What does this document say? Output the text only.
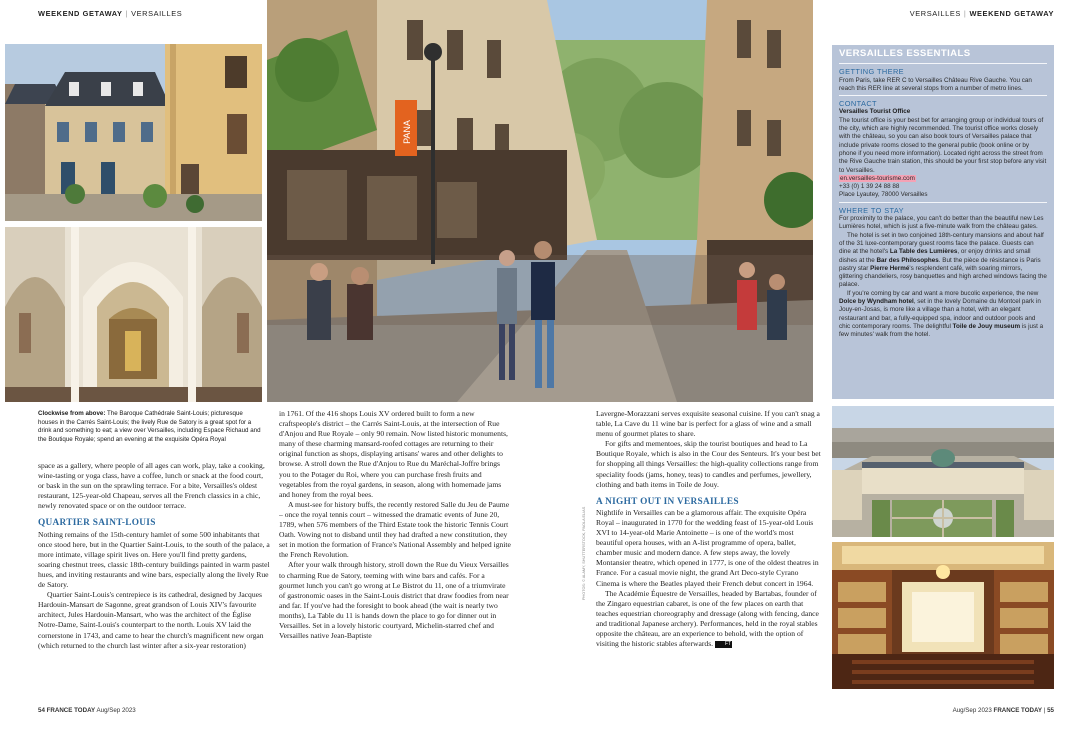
WEEKEND GETAWAY | VERSAILLES	VERSAILLES | WEEKEND GETAWAY
PANA
Clockwise from above: The Baroque Cathédrale Saint-Louis; picturesque houses in the Carrés Saint-Louis; the lively Rue de Satory is a great spot for a drink and something to eat; a view over Versailles, including Espace Richaud and the Boutique Royale; spend an evening at the exquisite Opéra Royal

space as a gallery, where people of all ages can work, play, take a cooking, wine-tasting or yoga class, have a coffee, lunch or snack at the food court, or bask in the sun on the sprawling terrace. For a bite, Versailles's oldest restaurant, 125-year-old Chapeau, serves all the French classics in a chic, newly renovated space or on the outdoor terrace.

QUARTIER SAINT-LOUIS

Nothing remains of the 15th-century hamlet of some 500 inhabitants that once stood here, but in the Quartier Saint-Louis, to the south of the palace, a more intimate, village spirit lives on. Here you'll find pretty gardens, soaring chestnut trees, classic 18th-century buildings painted in warm pastel hues, and inviting restaurants and wine bars, especially along the lively Rue de Satory.

Quartier Saint-Louis's centrepiece is its cathedral, designed by Jacques Hardouin-Mansart de Sagonne, great grandson of Louis XIV's favourite architect, Jules Hardouin-Mansart, who was the architect of the Église Notre-Dame, Saint-Louis's counterpart to the north. Louis XV laid the cornerstone in 1743, and came to hear the church's magnificent new organ (which returned to the church last winter after a six-year restoration)

in 1761. Of the 416 shops Louis XV ordered built to form a new craftspeople's district – the Carrés Saint-Louis, at the intersection of Rue d'Anjou and Rue Royale – only 90 remain. Now listed historic monuments, many of these charming mansard-roofed cottages are returning to their original function as shops, displaying artisans' wares and other delights to browse. A stroll down the Rue d'Anjou to Rue du Maréchal-Joffre brings you to the Potager du Roi, where you can purchase fresh fruits and vegetables from the royal gardens, in season, along with homemade jams and honey from the royal bees.

A must-see for history buffs, the recently restored Salle du Jeu de Paume – once the royal tennis court – witnessed the dramatic events of June 20, 1789, when 576 members of the Third Estate took the historic Tennis Court Oath. Vowing not to disband until they had drafted a new constitution, they set in motion the formation of France's National Assembly and helped ignite the French Revolution.

After your walk through history, stroll down the Rue du Vieux Versailles to charming Rue de Satory, teeming with wine bars and cafés. For a gourmet lunch you can't go wrong at Le Bistrot du 11, one of a triumvirate of gastronomic oases in the Saint-Louis district that draw foodies from near and far. If you've had the foresight to book ahead (the wait is nearly two months), La Table du 11 is hands down the place to go for dinner out in Versailles. Set in a lovely historic courtyard, Michelin-starred chef and Versailles native Jean-Baptiste

PHOTOS: © ALAMY, SHUTTERSTOCK, PAOLA ELIAS

Lavergne-Morazzani serves exquisite seasonal cuisine. If you can't snag a table, La Cave du 11 wine bar is perfect for a glass of wine and a small menu of gourmet plates to share.

For gifts and mementoes, skip the tourist boutiques and head to La Boutique Royale, which is also in the Cour des Senteurs. It's your best bet for shopping all things Versailles: the high-quality collections range from speciality foods (jams, honey, teas) to candles and perfumes, jewellery, clothing and bath items in Toile de Jouy.

A NIGHT OUT IN VERSAILLES

Nightlife in Versailles can be a glamorous affair. The exquisite Opéra Royal – inaugurated in 1770 for the wedding feast of 15-year-old Louis XVI to 14-year-old Marie Antoinette – is one of the world's most beautiful opera houses, with an A-list programme of opera, ballet, chamber music and modern dance. A few steps away, the lovely Montansier theatre, which opened in 1777, is one of the oldest theatres in France. For a casual movie night, the grand Art Deco-style Cyrano Cinema is where the Beatles played their French debut concert in 1964.

The Académie Équestre de Versailles, headed by Bartabas, founder of the Zingaro equestrian cabaret, is one of the few places on earth that teaches equestrian choreography and dressage (along with fencing, dance and traditional Japanese archery). Performances, held in the royal stables opposite the château, are an experience to behold, with the option of visiting the historic stables afterwards. FT

VERSAILLES ESSENTIALS
GETTING THERE

From Paris, take RER C to Versailles Château Rive Gauche. You can reach this RER line at several stops from a number of metro lines.

CONTACT

Versailles Tourist Office

The tourist office is your best bet for arranging group or individual tours of the city, which are highly recommended. The tourist office works closely with the château, so you can also book tours of Versailles palace that include private rooms closed to the general public (book online or by phone if you need more information). Located right across the street from the Rive Gauche train station, this should be your first stop before any visit to Versailles.

en.versailles-tourisme.com

+33 (0) 1 39 24 88 88

Place Lyautey, 78000 Versailles

WHERE TO STAY

For proximity to the palace, you can't do better than the beautiful new Les Lumières hotel, which is just a five-minute walk from the château gates.

The hotel is set in two conjoined 18th-century mansions and about half of the 31 luxe-contemporary guest rooms face the palace. Guests can dine at the hotel's La Table des Lumières, or enjoy drinks and small dishes at the Bar des Philosophes. But the pièce de résistance is Paris pastry star Pierre Hermé's resplendent café, with soaring mirrors, glittering chandeliers, rosy banquettes and high arched windows facing the palace.

If you're coming by car and want a more bucolic experience, the new Dolce by Wyndham hotel, set in the lovely Domaine du Montcel park in Jouy-en-Josas, is more like a village than a hotel, with an elegant restaurant and bar, a fully-equipped spa, indoor and outdoor pools and chic contemporary rooms. The delightful Toile de Jouy museum is just a few minutes' walk from the hotel.

54 FRANCE TODAY Aug/Sep 2023	Aug/Sep 2023 FRANCE TODAY | 55
